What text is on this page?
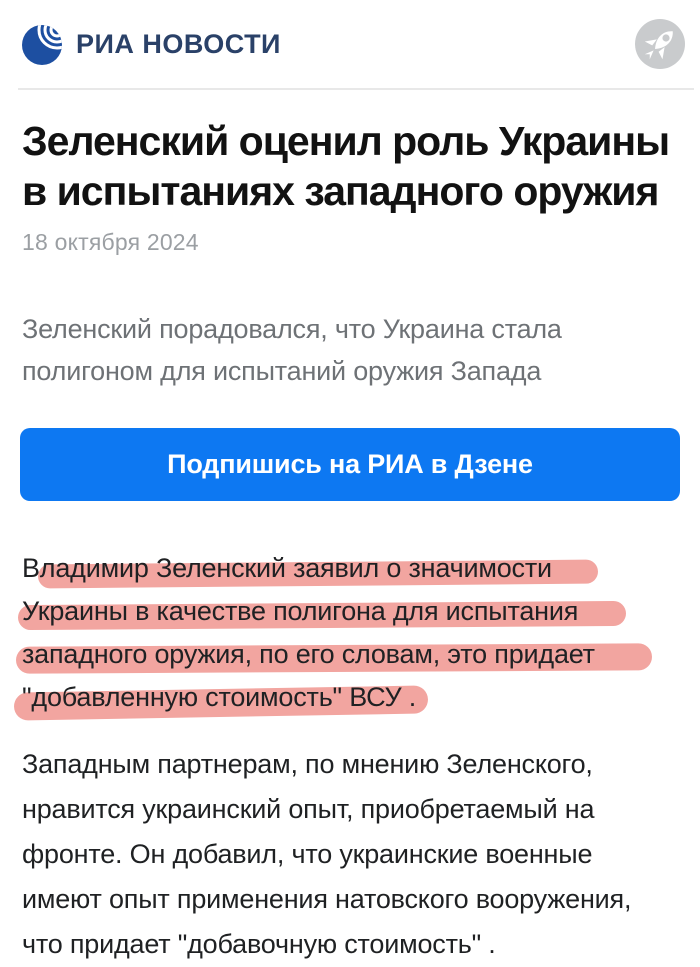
РИА НОВОСТИ
Зеленский оценил роль Украины
в испытаниях западного оружия
18 октября 2024
Зеленский порадовался, что Украина стала
полигоном для испытаний оружия Запада
Подпишись на РИА в Дзене
Владимир Зеленский заявил о значимости
Украины в качестве полигона для испытания
западного оружия, по его словам, это придает
"добавленную стоимость" ВСУ .
Западным партнерам, по мнению Зеленского,
нравится украинский опыт, приобретаемый на
фронте. Он добавил, что украинские военные
имеют опыт применения натовского вооружения,
что придает "добавочную стоимость" .
